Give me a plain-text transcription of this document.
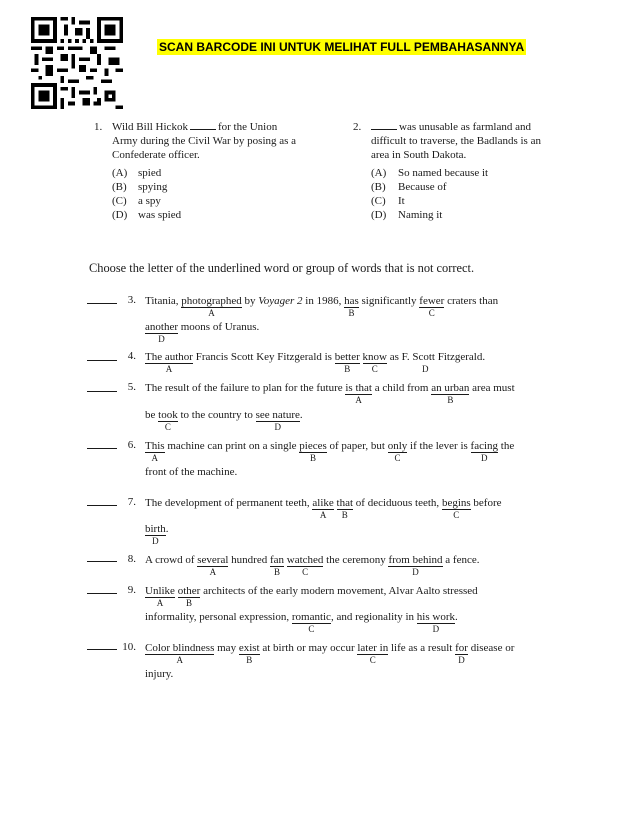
SCAN BARCODE INI UNTUK MELIHAT FULL PEMBAHASANNYA
1. Wild Bill Hickok	for the Union
Army during the Civil War by posing as a
Confederate officer.
(A) spied
(B) spying
(C) a spy
(D) was spied
2.	was unusable as farmland and
difficult to traverse, the Badlands is an
area in South Dakota.
(A) So named because it
(B) Because of
(C) It
(D) Naming it
Choose the letter of the underlined word or group of words that is not correct.
3. Titania, photographed
A
by Voyager 2 in 1986, has
B
significantly fewer
C
craters than
another
D
moons of Uranus.
4. The author
A
Francis Scott Key Fitzgerald is better
B
know
C
as F. Scott Fitzgerald.
D
5. The result of the failure to plan for the future is that
A
a child from an urban
B
area must
be took
C
to the country to see nature
D
.
6. This
A
machine can print on a single pieces
B
of paper, but only
C
if the lever is facing
D
the
front of the machine.
7. The development of permanent teeth, alike
A
that
B
of deciduous teeth, begins
C
before
birth
D
.
8. A crowd of several
A
hundred fan
B
watched
C
the ceremony from behind
D
a fence.
9. Unlike
A
other
B
architects of the early modern movement, Alvar Aalto stressed
informality, personal expression, romantic
C
, and regionality in his work
D
.
10. Color blindness
A
may exist
B
at birth or may occur later in
C
life as a result for
D
disease or
injury.
